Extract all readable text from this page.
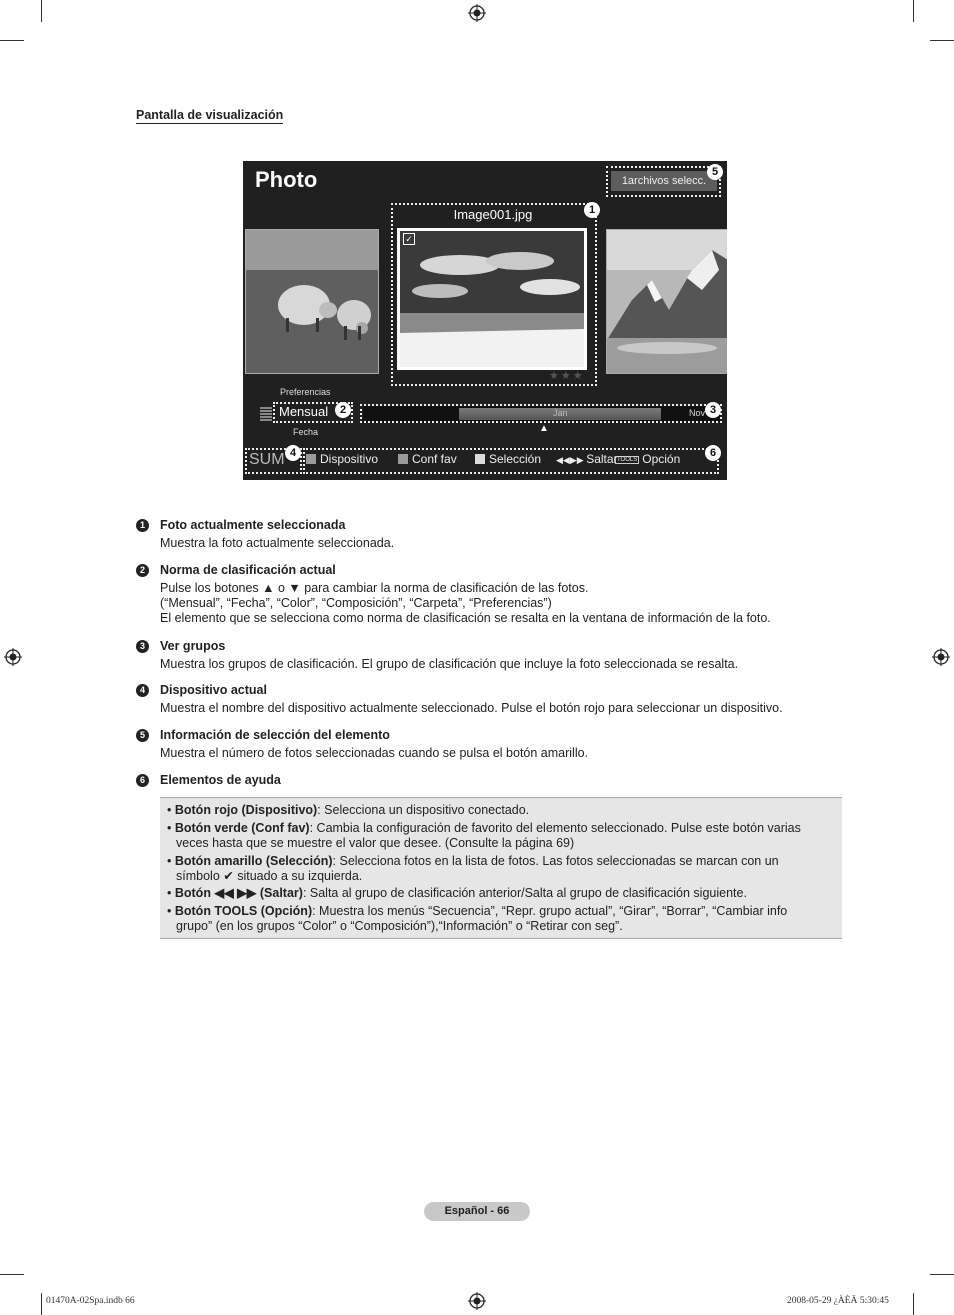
Pantalla de visualización
Photo	1archivos selecc.
5
Image001.jpg	1
✓
★★★
Preferencias
Mensual	2
Fecha
Jan	Nov 3
▲
SUM 4	6
Dispositivo	Conf fav	Selección ◀◀▶▶ Saltar TOOLS Opción
1	Foto actualmente seleccionada
Muestra la foto actualmente seleccionada.
2	Norma de clasificación actual
Pulse los botones ▲ o ▼ para cambiar la norma de clasificación de las fotos.
(“Mensual”, “Fecha”, “Color”, “Composición”, “Carpeta”, “Preferencias”)
El elemento que se selecciona como norma de clasificación se resalta en la ventana de información de la foto.
3	Ver grupos
Muestra los grupos de clasificación. El grupo de clasificación que incluye la foto seleccionada se resalta.
4	Dispositivo actual
Muestra el nombre del dispositivo actualmente seleccionado. Pulse el botón rojo para seleccionar un dispositivo.
5	Información de selección del elemento
Muestra el número de fotos seleccionadas cuando se pulsa el botón amarillo.
6	Elementos de ayuda
• Botón rojo (Dispositivo): Selecciona un dispositivo conectado.
• Botón verde (Conf fav): Cambia la configuración de favorito del elemento seleccionado. Pulse este botón varias
veces hasta que se muestre el valor que desee. (Consulte la página 69)
• Botón amarillo (Selección): Selecciona fotos en la lista de fotos. Las fotos seleccionadas se marcan con un
símbolo ✔ situado a su izquierda.
• Botón ◀◀ ▶▶ (Saltar): Salta al grupo de clasificación anterior/Salta al grupo de clasificación siguiente.
• Botón TOOLS (Opción): Muestra los menús “Secuencia”, “Repr. grupo actual”, “Girar”, “Borrar”, “Cambiar info
grupo” (en los grupos “Color” o “Composición”),“Información” o “Retirar con seg”.
Español - 66
01470A-02Spa.indb 66	2008-05-29 ¿ÀÈÄ 5:30:45
